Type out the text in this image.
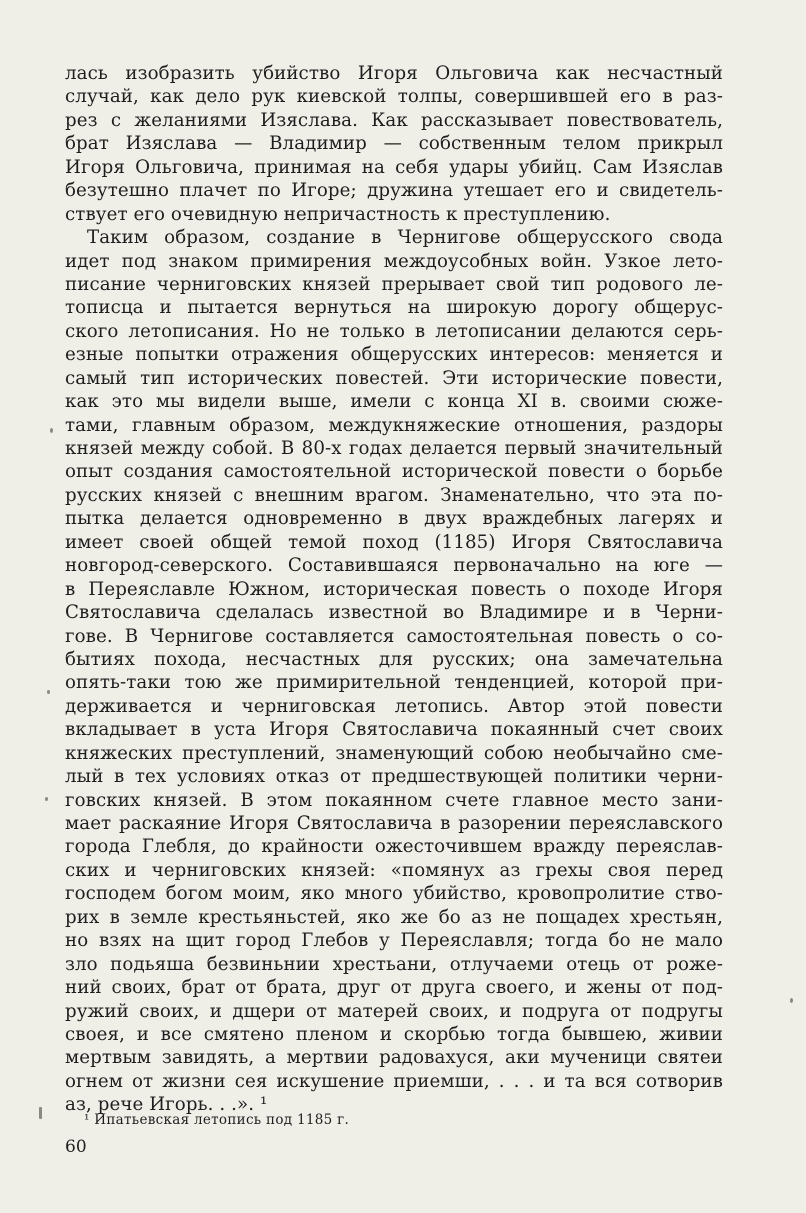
лась изобразить убийство Игоря Ольговича как несчастный
случай, как дело рук киевской толпы, совершившей его в раз-
рез с желаниями Изяслава. Как рассказывает повествователь,
брат Изяслава — Владимир — собственным телом прикрыл
Игоря Ольговича, принимая на себя удары убийц. Сам Изяслав
безутешно плачет по Игоре; дружина утешает его и свидетель-
ствует его очевидную непричастность к преступлению.
Таким образом, создание в Чернигове общерусского свода
идет под знаком примирения междоусобных войн. Узкое лето-
писание черниговских князей прерывает свой тип родового ле-
тописца и пытается вернуться на широкую дорогу общерус-
ского летописания. Но не только в летописании делаются серь-
езные попытки отражения общерусских интересов: меняется и
самый тип исторических повестей. Эти исторические повести,
как это мы видели выше, имели с конца XI в. своими сюже-
тами, главным образом, междукняжеские отношения, раздоры
князей между собой. В 80-х годах делается первый значительный
опыт создания самостоятельной исторической повести о борьбе
русских князей с внешним врагом. Знаменательно, что эта по-
пытка делается одновременно в двух враждебных лагерях и
имеет своей общей темой поход (1185) Игоря Святославича
новгород-северского. Составившаяся первоначально на юге —
в Переяславле Южном, историческая повесть о походе Игоря
Святославича сделалась известной во Владимире и в Черни-
гове. В Чернигове составляется самостоятельная повесть о со-
бытиях похода, несчастных для русских; она замечательна
опять-таки тою же примирительной тенденцией, которой при-
держивается и черниговская летопись. Автор этой повести
вкладывает в уста Игоря Святославича покаянный счет своих
княжеских преступлений, знаменующий собою необычайно сме-
лый в тех условиях отказ от предшествующей политики черни-
говских князей. В этом покаянном счете главное место зани-
мает раскаяние Игоря Святославича в разорении переяславского
города Глебля, до крайности ожесточившем вражду переяслав-
ских и черниговских князей: «помянух аз грехы своя перед
господем богом моим, яко много убийство, кровопролитие ство-
рих в земле крестьяньстей, яко же бо аз не пощадех хрестьян,
но взях на щит город Глебов у Переяславля; тогда бо не мало
зло подьяша безвиньнии хрестьани, отлучаеми отець от роже-
ний своих, брат от брата, друг от друга своего, и жены от под-
ружий своих, и дщери от матерей своих, и подруга от подругы
своея, и все смятено пленом и скорбью тогда бывшею, живии
мертвым завидять, а мертвии радовахуся, аки мученици святеи
огнем от жизни сея искушение приемши, . . . и та вся сотворив
аз, рече Игорь. . .». ¹
¹ Ипатьевская летопись под 1185 г.
60
